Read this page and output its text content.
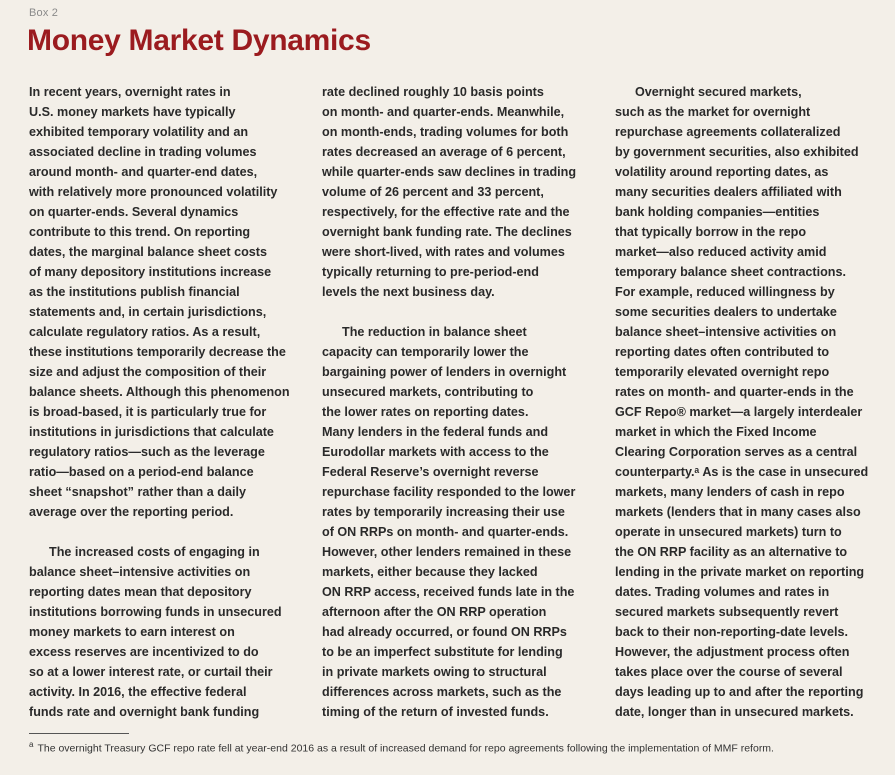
Box 2
Money Market Dynamics

In recent years, overnight rates in
U.S. money markets have typically
exhibited temporary volatility and an
associated decline in trading volumes
around month- and quarter-end dates,
with relatively more pronounced volatility
on quarter-ends. Several dynamics
contribute to this trend. On reporting
dates, the marginal balance sheet costs
of many depository institutions increase
as the institutions publish financial
statements and, in certain jurisdictions,
calculate regulatory ratios. As a result,
these institutions temporarily decrease the
size and adjust the composition of their
balance sheets. Although this phenomenon
is broad-based, it is particularly true for
institutions in jurisdictions that calculate
regulatory ratios—such as the leverage
ratio—based on a period-end balance
sheet “snapshot” rather than a daily
average over the reporting period.

The increased costs of engaging in
balance sheet–intensive activities on
reporting dates mean that depository
institutions borrowing funds in unsecured
money markets to earn interest on
excess reserves are incentivized to do
so at a lower interest rate, or curtail their
activity. In 2016, the effective federal
funds rate and overnight bank funding

rate declined roughly 10 basis points
on month- and quarter-ends. Meanwhile,
on month-ends, trading volumes for both
rates decreased an average of 6 percent,
while quarter-ends saw declines in trading
volume of 26 percent and 33 percent,
respectively, for the effective rate and the
overnight bank funding rate. The declines
were short-lived, with rates and volumes
typically returning to pre-period-end
levels the next business day.

The reduction in balance sheet
capacity can temporarily lower the
bargaining power of lenders in overnight
unsecured markets, contributing to
the lower rates on reporting dates.
Many lenders in the federal funds and
Eurodollar markets with access to the
Federal Reserve’s overnight reverse
repurchase facility responded to the lower
rates by temporarily increasing their use
of ON RRPs on month- and quarter-ends.
However, other lenders remained in these
markets, either because they lacked
ON RRP access, received funds late in the
afternoon after the ON RRP operation
had already occurred, or found ON RRPs
to be an imperfect substitute for lending
in private markets owing to structural
differences across markets, such as the
timing of the return of invested funds.

Overnight secured markets,
such as the market for overnight
repurchase agreements collateralized
by government securities, also exhibited
volatility around reporting dates, as
many securities dealers affiliated with
bank holding companies—entities
that typically borrow in the repo
market—also reduced activity amid
temporary balance sheet contractions.
For example, reduced willingness by
some securities dealers to undertake
balance sheet–intensive activities on
reporting dates often contributed to
temporarily elevated overnight repo
rates on month- and quarter-ends in the
GCF Repo® market—a largely interdealer
market in which the Fixed Income
Clearing Corporation serves as a central
counterparty.ᵃ As is the case in unsecured
markets, many lenders of cash in repo
markets (lenders that in many cases also
operate in unsecured markets) turn to
the ON RRP facility as an alternative to
lending in the private market on reporting
dates. Trading volumes and rates in
secured markets subsequently revert
back to their non-reporting-date levels.
However, the adjustment process often
takes place over the course of several
days leading up to and after the reporting
date, longer than in unsecured markets.

$^a$ The overnight Treasury GCF repo rate fell at year-end 2016 as a result of increased demand for repo agreements following the implementation of MMF reform.
